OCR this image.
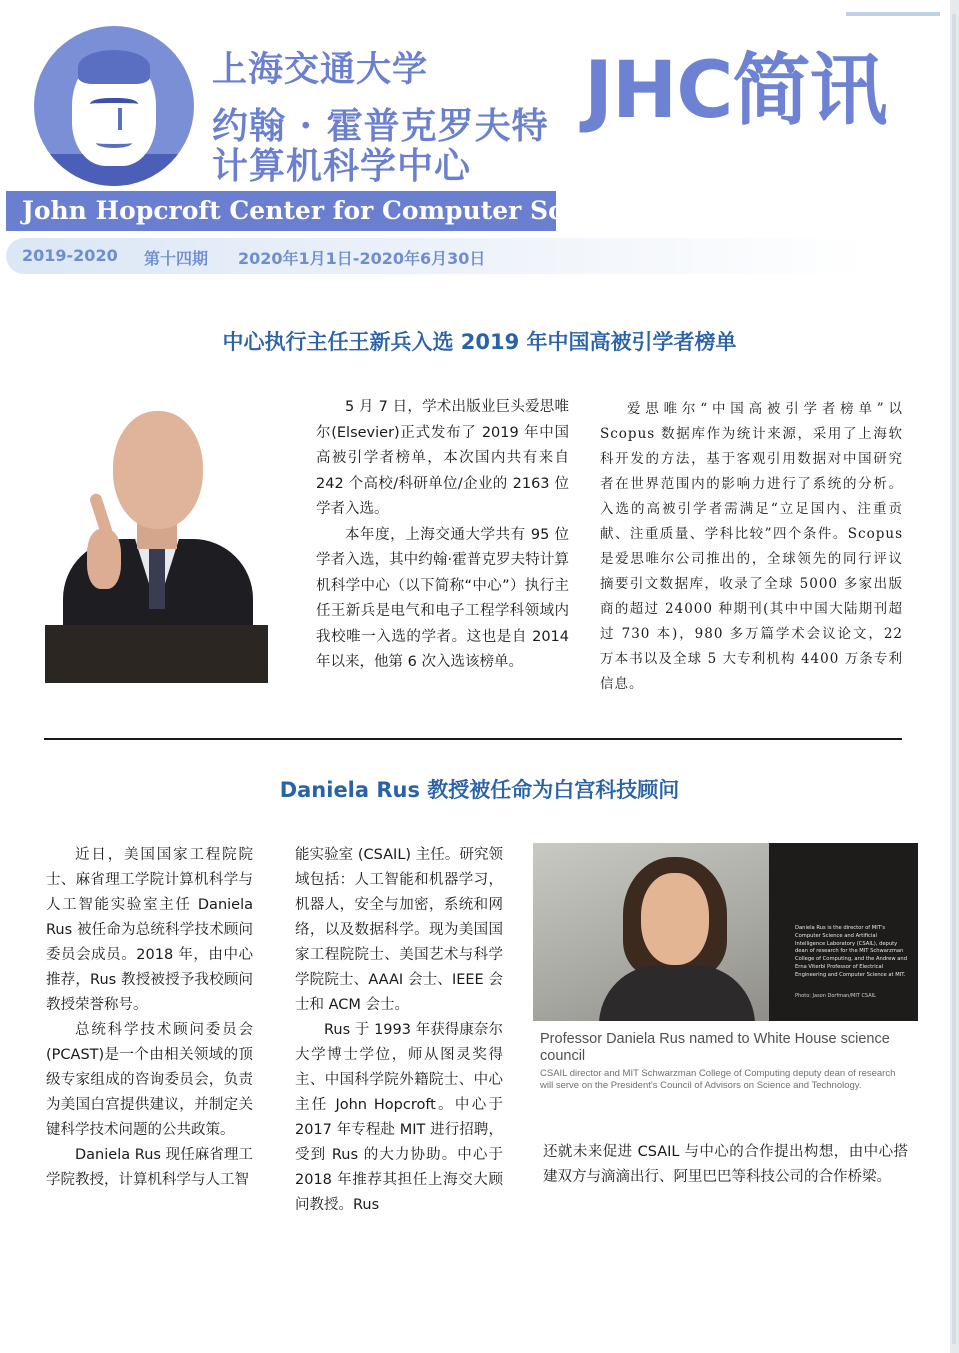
上海交通大学
约翰 · 霍普克罗夫特
计算机科学中心
John Hopcroft Center for Computer Science
JHC简讯
2019-2020 第十四期 2020年1月1日-2020年6月30日
中心执行主任王新兵入选 2019 年中国高被引学者榜单

5 月 7 日，学术出版业巨头爱思唯尔(Elsevier)正式发布了 2019 年中国高被引学者榜单，本次国内共有来自 242 个高校/科研单位/企业的 2163 位学者入选。

本年度，上海交通大学共有 95 位学者入选，其中约翰·霍普克罗夫特计算机科学中心（以下简称“中心”）执行主任王新兵是电气和电子工程学科领域内我校唯一入选的学者。这也是自 2014 年以来，他第 6 次入选该榜单。

爱思唯尔“中国高被引学者榜单”以 Scopus 数据库作为统计来源，采用了上海软科开发的方法，基于客观引用数据对中国研究者在世界范围内的影响力进行了系统的分析。入选的高被引学者需满足“立足国内、注重贡献、注重质量、学科比较”四个条件。Scopus 是爱思唯尔公司推出的，全球领先的同行评议摘要引文数据库，收录了全球 5000 多家出版商的超过 24000 种期刊(其中中国大陆期刊超过 730 本)，980 多万篇学术会议论文，22 万本书以及全球 5 大专利机构 4400 万条专利信息。

Daniela Rus 教授被任命为白宫科技顾问

近日，美国国家工程院院士、麻省理工学院计算机科学与人工智能实验室主任 Daniela Rus 被任命为总统科学技术顾问委员会成员。2018 年，由中心推荐，Rus 教授被授予我校顾问教授荣誉称号。

总统科学技术顾问委员会(PCAST)是一个由相关领域的顶级专家组成的咨询委员会，负责为美国白宫提供建议，并制定关键科学技术问题的公共政策。

Daniela Rus 现任麻省理工学院教授，计算机科学与人工智

能实验室 (CSAIL) 主任。研究领域包括：人工智能和机器学习，机器人，安全与加密，系统和网络，以及数据科学。现为美国国家工程院院士、美国艺术与科学学院院士、AAAI 会士、IEEE 会士和 ACM 会士。

Rus 于 1993 年获得康奈尔大学博士学位，师从图灵奖得主、中国科学院外籍院士、中心主任 John Hopcroft。中心于 2017 年专程赴 MIT 进行招聘，受到 Rus 的大力协助。中心于 2018 年推荐其担任上海交大顾问教授。Rus

Daniela Rus is the director of MIT's Computer Science and Artificial Intelligence Laboratory (CSAIL), deputy dean of research for the MIT Schwarzman College of Computing, and the Andrew and Erna Viterbi Professor of Electrical Engineering and Computer Science at MIT.
Photo: Jason Dorfman/MIT CSAIL
Professor Daniela Rus named to White House science council
CSAIL director and MIT Schwarzman College of Computing deputy dean of research will serve on the President's Council of Advisors on Science and Technology.

还就未来促进 CSAIL 与中心的合作提出构想，由中心搭建双方与滴滴出行、阿里巴巴等科技公司的合作桥梁。
